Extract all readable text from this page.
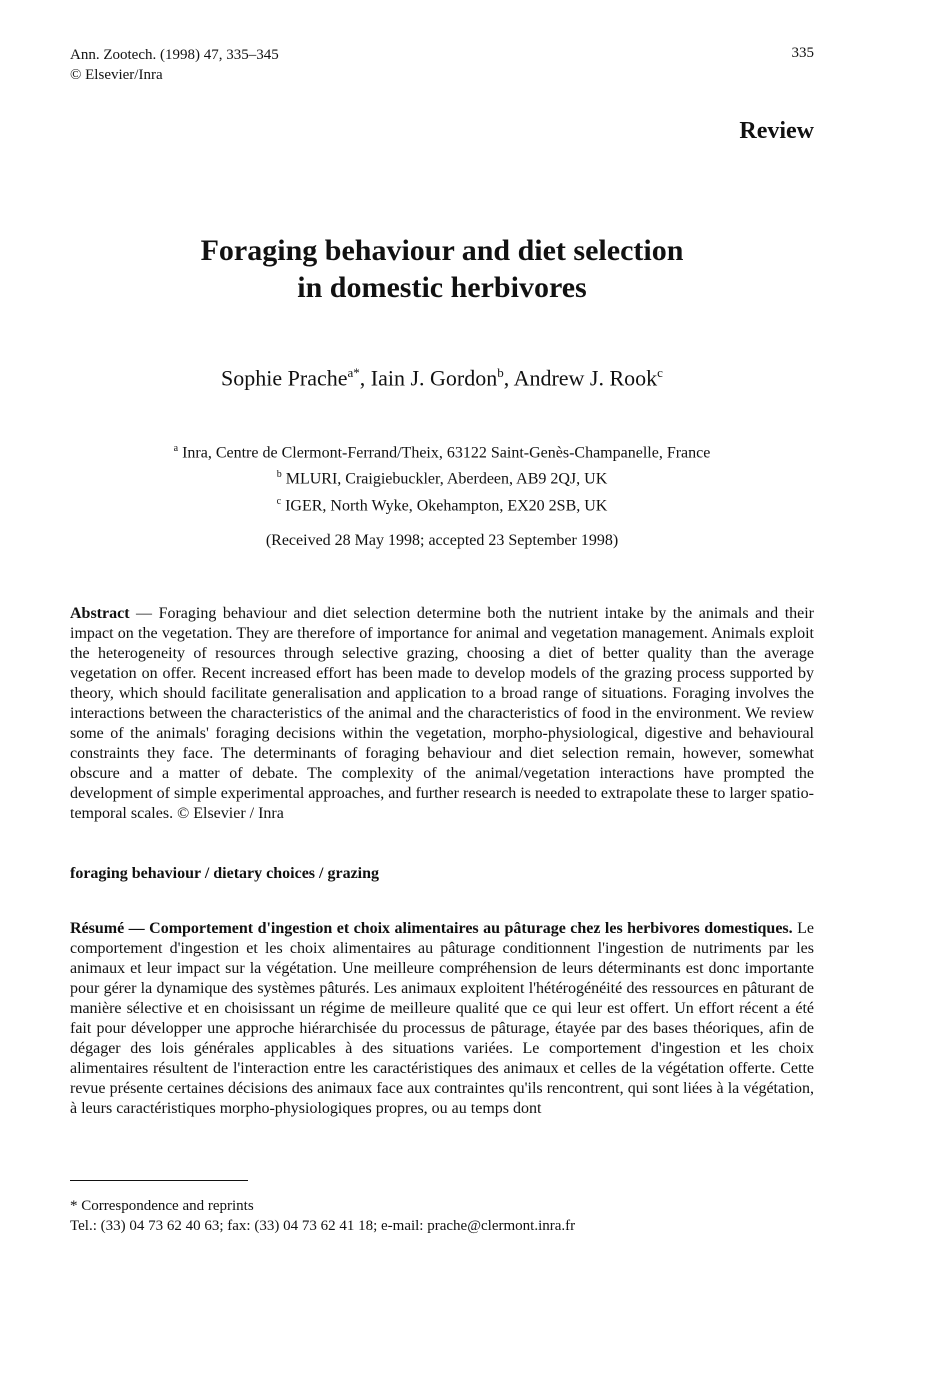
Ann. Zootech. (1998) 47, 335–345
© Elsevier/Inra
335
Review
Foraging behaviour and diet selection
in domestic herbivores
Sophie Prache$^{a*}$, Iain J. Gordon$^b$, Andrew J. Rook$^c$
$^a$ Inra, Centre de Clermont-Ferrand/Theix, 63122 Saint-Genès-Champanelle, France
$^b$ MLURI, Craigiebuckler, Aberdeen, AB9 2QJ, UK
$^c$ IGER, North Wyke, Okehampton, EX20 2SB, UK
(Received 28 May 1998; accepted 23 September 1998)
Abstract — Foraging behaviour and diet selection determine both the nutrient intake by the animals and their impact on the vegetation. They are therefore of importance for animal and vegetation management. Animals exploit the heterogeneity of resources through selective grazing, choosing a diet of better quality than the average vegetation on offer. Recent increased effort has been made to develop models of the grazing process supported by theory, which should facilitate generalisation and application to a broad range of situations. Foraging involves the interactions between the characteristics of the animal and the characteristics of food in the environment. We review some of the animals' foraging decisions within the vegetation, morpho-physiological, digestive and behavioural constraints they face. The determinants of foraging behaviour and diet selection remain, however, somewhat obscure and a matter of debate. The complexity of the animal/vegetation interactions have prompted the development of simple experimental approaches, and further research is needed to extrapolate these to larger spatio-temporal scales. © Elsevier / Inra
foraging behaviour / dietary choices / grazing
Résumé — Comportement d'ingestion et choix alimentaires au pâturage chez les herbivores domestiques. Le comportement d'ingestion et les choix alimentaires au pâturage conditionnent l'ingestion de nutriments par les animaux et leur impact sur la végétation. Une meilleure compréhension de leurs déterminants est donc importante pour gérer la dynamique des systèmes pâturés. Les animaux exploitent l'hétérogénéité des ressources en pâturant de manière sélective et en choisissant un régime de meilleure qualité que ce qui leur est offert. Un effort récent a été fait pour développer une approche hiérarchisée du processus de pâturage, étayée par des bases théoriques, afin de dégager des lois générales applicables à des situations variées. Le comportement d'ingestion et les choix alimentaires résultent de l'interaction entre les caractéristiques des animaux et celles de la végétation offerte. Cette revue présente certaines décisions des animaux face aux contraintes qu'ils rencontrent, qui sont liées à la végétation, à leurs caractéristiques morpho-physiologiques propres, ou au temps dont
* Correspondence and reprints
Tel.: (33) 04 73 62 40 63; fax: (33) 04 73 62 41 18; e-mail: prache@clermont.inra.fr
